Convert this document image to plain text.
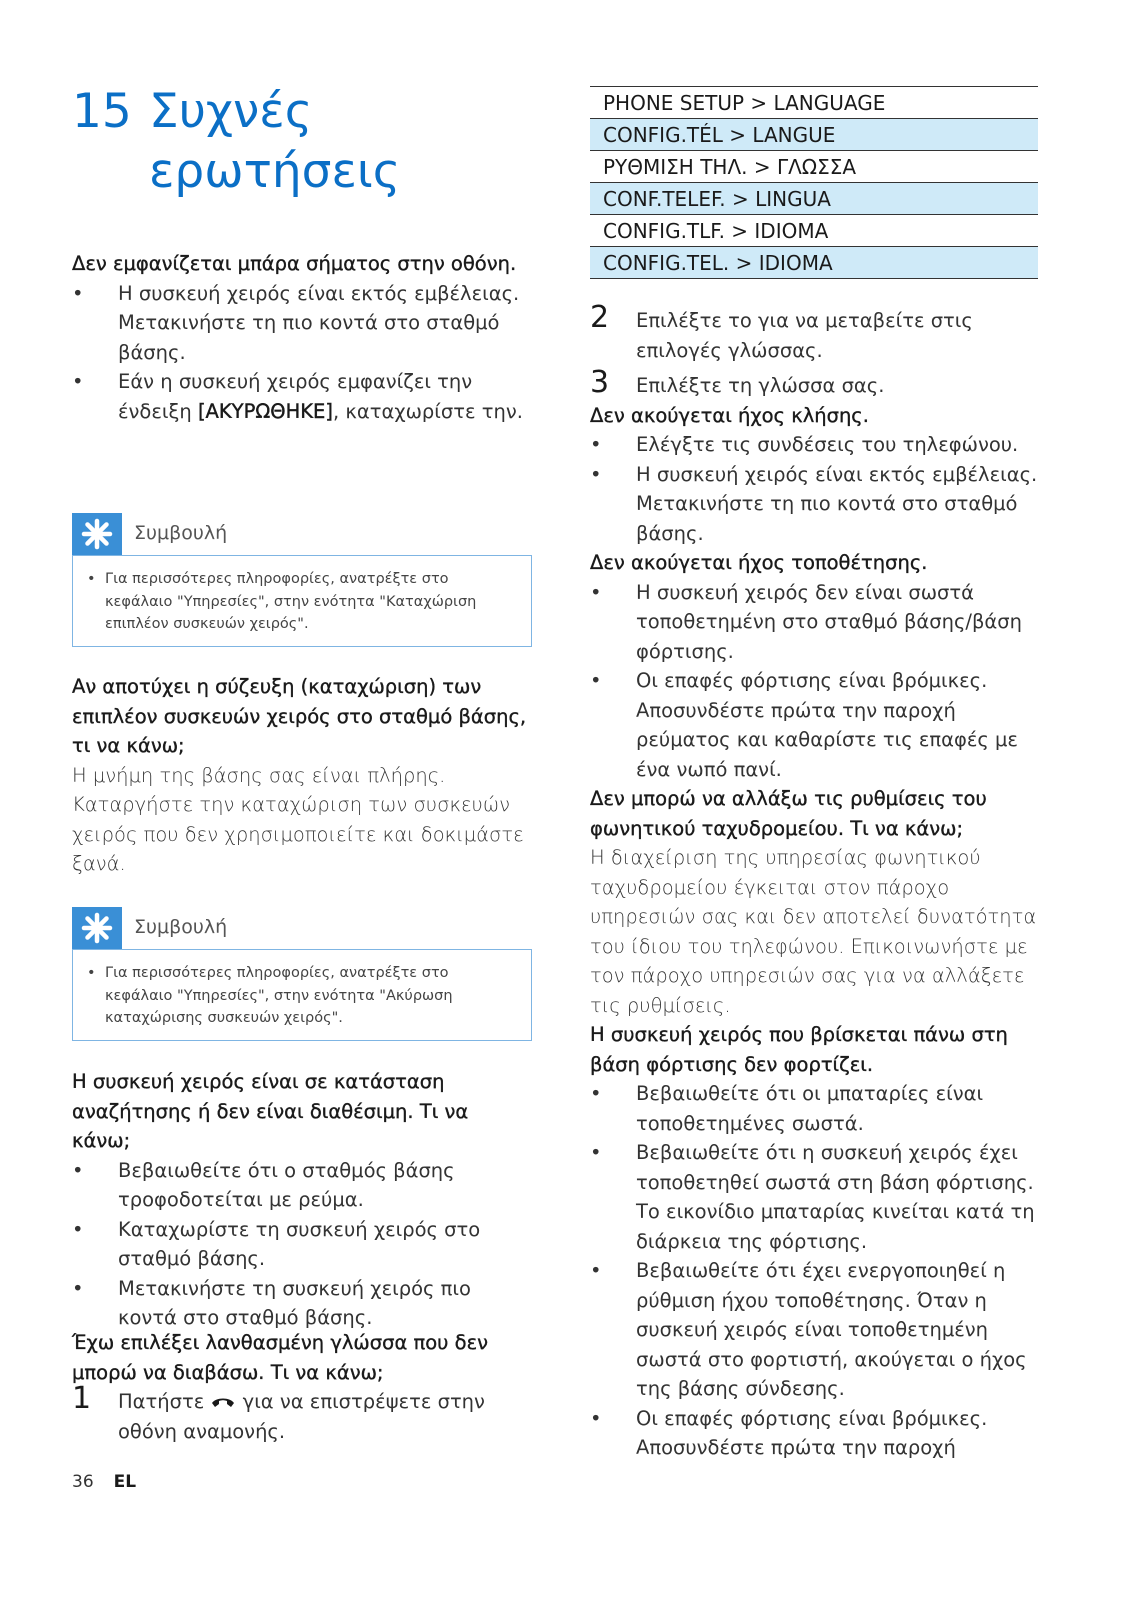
15 Συχνές
ερωτήσεις

Δεν εμφανίζεται μπάρα σήματος στην οθόνη.

• Η συσκευή χειρός είναι εκτός εμβέλειας. Μετακινήστε τη πιο κοντά στο σταθμό βάσης.
• Εάν η συσκευή χειρός εμφανίζει την ένδειξη [ΑΚΥΡΩΘΗΚΕ], καταχωρίστε την.
Συμβουλή
• Για περισσότερες πληροφορίες, ανατρέξτε στο κεφάλαιο "Υπηρεσίες", στην ενότητα "Καταχώριση επιπλέον συσκευών χειρός".

Αν αποτύχει η σύζευξη (καταχώριση) των επιπλέον συσκευών χειρός στο σταθμό βάσης, τι να κάνω;

Η μνήμη της βάσης σας είναι πλήρης. Καταργήστε την καταχώριση των συσκευών χειρός που δεν χρησιμοποιείτε και δοκιμάστε ξανά.

Συμβουλή
• Για περισσότερες πληροφορίες, ανατρέξτε στο κεφάλαιο "Υπηρεσίες", στην ενότητα "Ακύρωση καταχώρισης συσκευών χειρός".

Η συσκευή χειρός είναι σε κατάσταση αναζήτησης ή δεν είναι διαθέσιμη. Τι να κάνω;

• Βεβαιωθείτε ότι ο σταθμός βάσης τροφοδοτείται με ρεύμα.
• Καταχωρίστε τη συσκευή χειρός στο σταθμό βάσης.
• Μετακινήστε τη συσκευή χειρός πιο κοντά στο σταθμό βάσης.

Έχω επιλέξει λανθασμένη γλώσσα που δεν μπορώ να διαβάσω. Τι να κάνω;

1 Πατήστε  για να επιστρέψετε στην οθόνη αναμονής.
PHONE SETUP > LANGUAGE
CONFIG.TÉL > LANGUE
ΡΥΘΜΙΣΗ ΤΗΛ. > ΓΛΩΣΣΑ
CONF.TELEF. > LINGUA
CONFIG.TLF. > IDIOMA
CONFIG.TEL. > IDIOMA
2 Επιλέξτε το για να μεταβείτε στις επιλογές γλώσσας.
3 Επιλέξτε τη γλώσσα σας.

Δεν ακούγεται ήχος κλήσης.

• Ελέγξτε τις συνδέσεις του τηλεφώνου.
• Η συσκευή χειρός είναι εκτός εμβέλειας. Μετακινήστε τη πιο κοντά στο σταθμό βάσης.

Δεν ακούγεται ήχος τοποθέτησης.

• Η συσκευή χειρός δεν είναι σωστά τοποθετημένη στο σταθμό βάσης/βάση φόρτισης.
• Οι επαφές φόρτισης είναι βρόμικες. Αποσυνδέστε πρώτα την παροχή ρεύματος και καθαρίστε τις επαφές με ένα νωπό πανί.

Δεν μπορώ να αλλάξω τις ρυθμίσεις του φωνητικού ταχυδρομείου. Τι να κάνω;

Η διαχείριση της υπηρεσίας φωνητικού ταχυδρομείου έγκειται στον πάροχο υπηρεσιών σας και δεν αποτελεί δυνατότητα του ίδιου του τηλεφώνου. Επικοινωνήστε με τον πάροχο υπηρεσιών σας για να αλλάξετε τις ρυθμίσεις.

Η συσκευή χειρός που βρίσκεται πάνω στη βάση φόρτισης δεν φορτίζει.

• Βεβαιωθείτε ότι οι μπαταρίες είναι τοποθετημένες σωστά.
• Βεβαιωθείτε ότι η συσκευή χειρός έχει τοποθετηθεί σωστά στη βάση φόρτισης. Το εικονίδιο μπαταρίας κινείται κατά τη διάρκεια της φόρτισης.
• Βεβαιωθείτε ότι έχει ενεργοποιηθεί η ρύθμιση ήχου τοποθέτησης. Όταν η συσκευή χειρός είναι τοποθετημένη σωστά στο φορτιστή, ακούγεται ο ήχος της βάσης σύνδεσης.
• Οι επαφές φόρτισης είναι βρόμικες. Αποσυνδέστε πρώτα την παροχή
36 EL
